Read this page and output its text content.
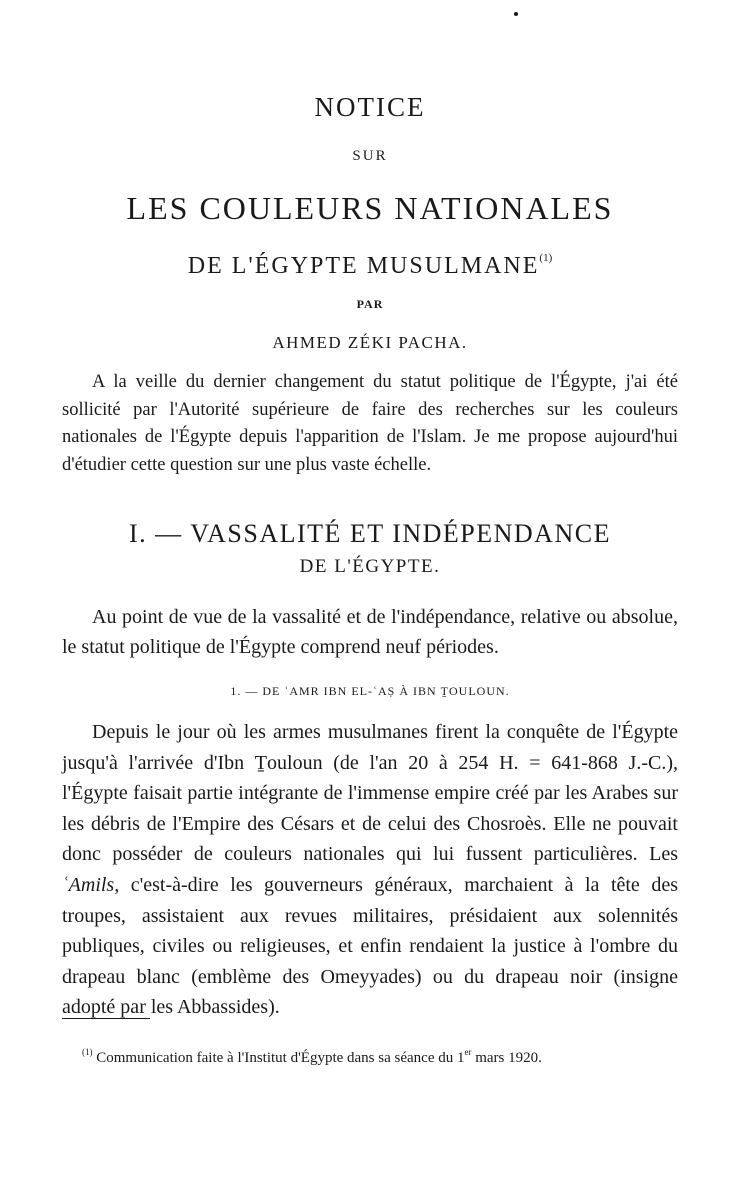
NOTICE
SUR
LES COULEURS NATIONALES
DE L'ÉGYPTE MUSULMANE$^{(1)}$
PAR
AHMED ZÉKI PACHA.

A la veille du dernier changement du statut politique de l'Égypte, j'ai été sollicité par l'Autorité supérieure de faire des recherches sur les couleurs nationales de l'Égypte depuis l'apparition de l'Islam. Je me propose aujourd'hui d'étudier cette question sur une plus vaste échelle.

I. — VASSALITÉ ET INDÉPENDANCE
DE L'ÉGYPTE.

Au point de vue de la vassalité et de l'indépendance, relative ou absolue, le statut politique de l'Égypte comprend neuf périodes.

1. — DE ʿAMR IBN EL-ʿAṢ À IBN ṮOULOUN.

Depuis le jour où les armes musulmanes firent la conquête de l'Égypte jusqu'à l'arrivée d'Ibn Ṯouloun (de l'an 20 à 254 H. = 641-868 J.-C.), l'Égypte faisait partie intégrante de l'immense empire créé par les Arabes sur les débris de l'Empire des Césars et de celui des Chosroès. Elle ne pouvait donc posséder de couleurs nationales qui lui fussent particulières. Les ʿAmils, c'est-à-dire les gouverneurs généraux, marchaient à la tête des troupes, assistaient aux revues militaires, présidaient aux solennités publiques, civiles ou religieuses, et enfin rendaient la justice à l'ombre du drapeau blanc (emblème des Omeyyades) ou du drapeau noir (insigne adopté par les Abbassides).

$^{(1)}$ Communication faite à l'Institut d'Égypte dans sa séance du 1er mars 1920.
